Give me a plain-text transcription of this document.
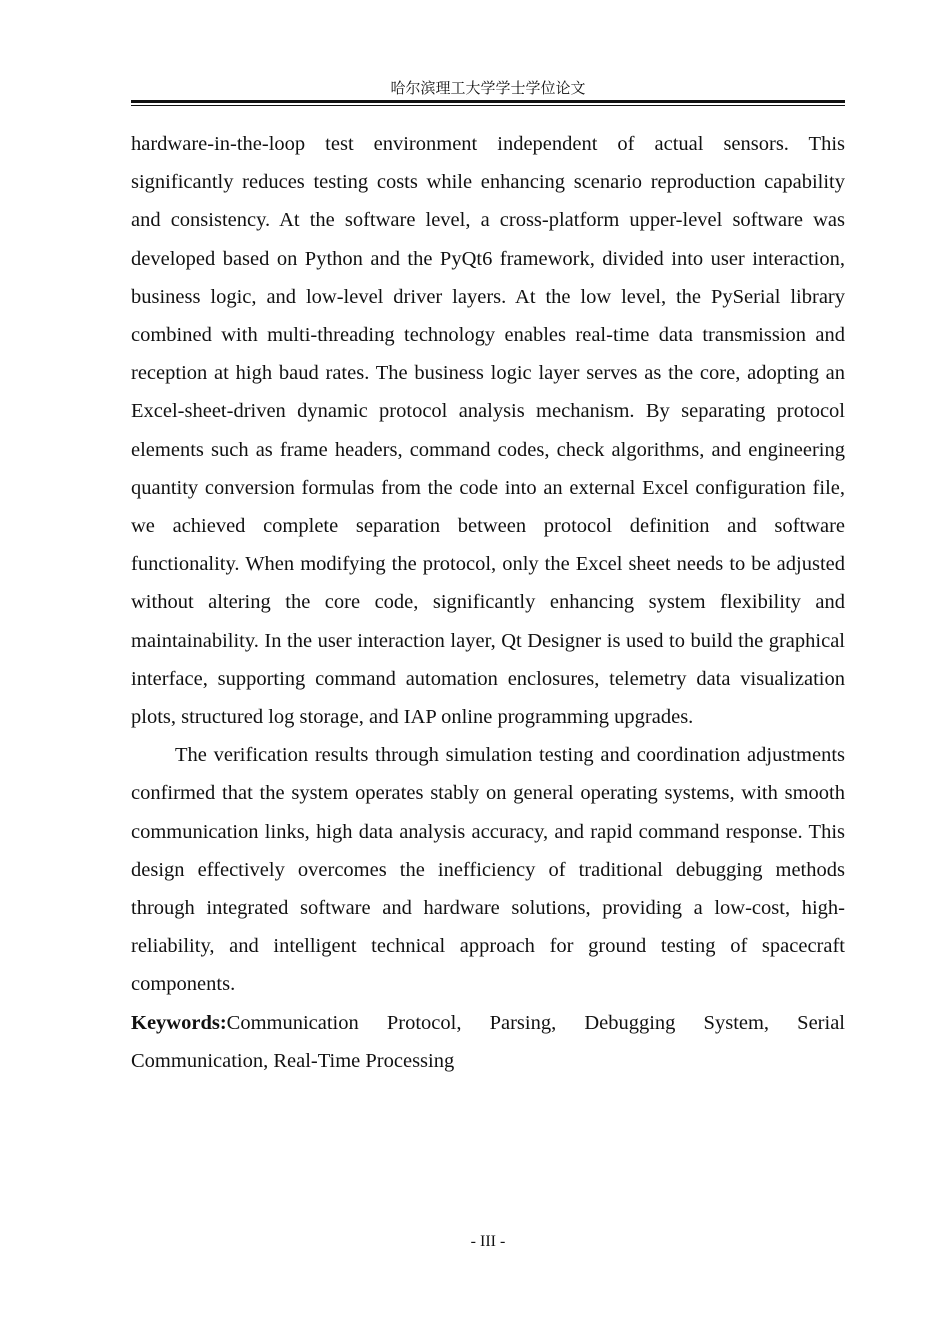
哈尔滨理工大学学士学位论文

hardware-in-the-loop test environment independent of actual sensors. This significantly reduces testing costs while enhancing scenario reproduction capability and consistency. At the software level, a cross-platform upper-level software was developed based on Python and the PyQt6 framework, divided into user interaction, business logic, and low-level driver layers. At the low level, the PySerial library combined with multi-threading technology enables real-time data transmission and reception at high baud rates. The business logic layer serves as the core, adopting an Excel-sheet-driven dynamic protocol analysis mechanism. By separating protocol elements such as frame headers, command codes, check algorithms, and engineering quantity conversion formulas from the code into an external Excel configuration file, we achieved complete separation between protocol definition and software functionality. When modifying the protocol, only the Excel sheet needs to be adjusted without altering the core code, significantly enhancing system flexibility and maintainability. In the user interaction layer, Qt Designer is used to build the graphical interface, supporting command automation enclosures, telemetry data visualization plots, structured log storage, and IAP online programming upgrades.

The verification results through simulation testing and coordination adjustments confirmed that the system operates stably on general operating systems, with smooth communication links, high data analysis accuracy, and rapid command response. This design effectively overcomes the inefficiency of traditional debugging methods through integrated software and hardware solutions, providing a low-cost, high-reliability, and intelligent technical approach for ground testing of spacecraft components.

Keywords:Communication Protocol, Parsing, Debugging System, Serial Communication, Real-Time Processing

- III -
